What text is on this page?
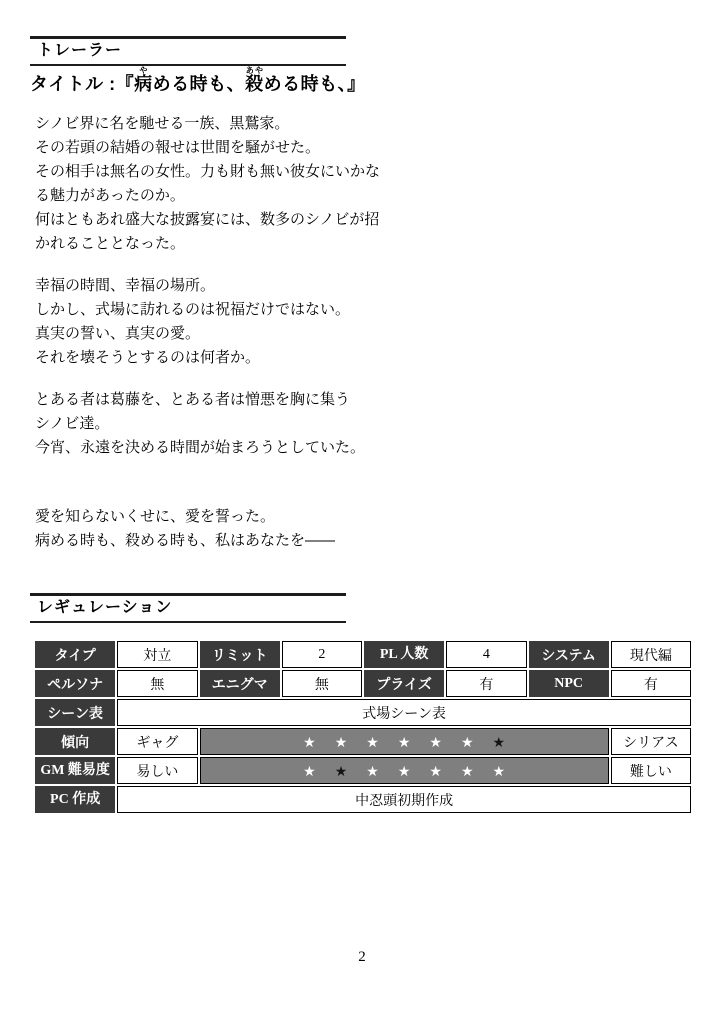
トレーラー
タイトル :『病やめる時も、殺あやめる時も、』

シノビ界に名を馳せる一族、黒鷲家。
その若頭の結婚の報せは世間を騒がせた。
その相手は無名の女性。力も財も無い彼女にいかな
る魅力があったのか。
何はともあれ盛大な披露宴には、数多のシノビが招
かれることとなった。

幸福の時間、幸福の場所。
しかし、式場に訪れるのは祝福だけではない。
真実の誓い、真実の愛。
それを壊そうとするのは何者か。

とある者は葛藤を、とある者は憎悪を胸に集う
シノビ達。
今宵、永遠を決める時間が始まろうとしていた。

愛を知らないくせに、愛を誓った。
病める時も、殺める時も、私はあなたを――

レギュレーション
タイプ	対立	リミット	2	PL 人数	4	システム	現代編
ペルソナ	無	エニグマ	無	プライズ	有	NPC	有
シーン表	式場シーン表						
傾向	ギャグ	★ ★ ★ ★ ★ ★ ★	シリアス
GM 難易度	易しい	★ ★ ★ ★ ★ ★ ★	難しい
PC 作成	中忍頭初期作成						
2
